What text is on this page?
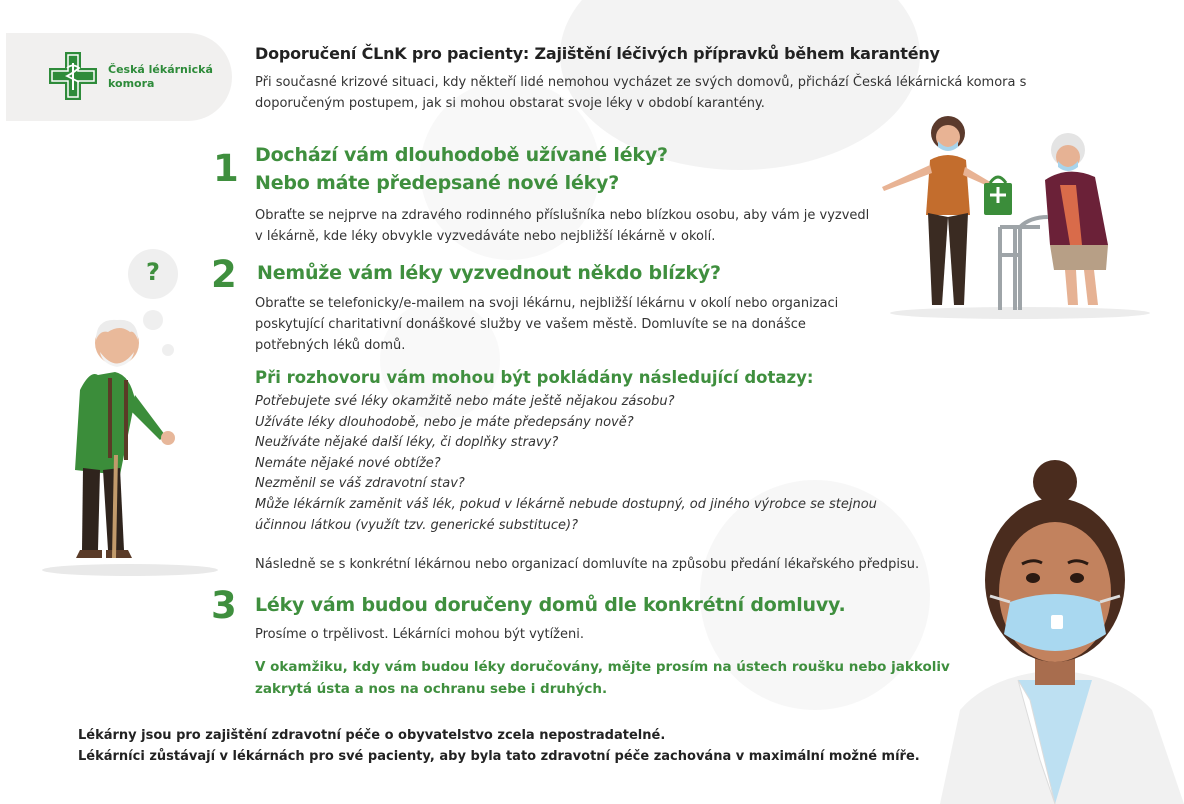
Česká lékárnická
komora
Doporučení ČLnK pro pacienty: Zajištění léčivých přípravků během karantény
Při současné krizové situaci, kdy někteří lidé nemohou vycházet ze svých domovů, přichází Česká lékárnická komora s doporučeným postupem, jak si mohou obstarat svoje léky v období karantény.
1 Dochází vám dlouhodobě užívané léky?
Nebo máte předepsané nové léky?
Obraťte se nejprve na zdravého rodinného příslušníka nebo blízkou osobu, aby vám je vyzvedl v lékárně, kde léky obvykle vyzvedáváte nebo nejbližší lékárně v okolí.
2 Nemůže vám léky vyzvednout někdo blízký?
Obraťte se telefonicky/e-mailem na svoji lékárnu, nejbližší lékárnu v okolí nebo organizaci poskytující charitativní donáškové služby ve vašem městě. Domluvíte se na donášce potřebných léků domů.
Při rozhovoru vám mohou být pokládány následující dotazy:
Potřebujete své léky okamžitě nebo máte ještě nějakou zásobu?
Užíváte léky dlouhodobě, nebo je máte předepsány nově?
Neužíváte nějaké další léky, či doplňky stravy?
Nemáte nějaké nové obtíže?
Nezměnil se váš zdravotní stav?
Může lékárník zaměnit váš lék, pokud v lékárně nebude dostupný, od jiného výrobce se stejnou
účinnou látkou (využít tzv. generické substituce)?
Následně se s konkrétní lékárnou nebo organizací domluvíte na způsobu předání lékařského předpisu.
3 Léky vám budou doručeny domů dle konkrétní domluvy.
Prosíme o trpělivost. Lékárníci mohou být vytíženi.
V okamžiku, kdy vám budou léky doručovány, mějte prosím na ústech roušku nebo jakkoliv zakrytá ústa a nos na ochranu sebe i druhých.
Lékárny jsou pro zajištění zdravotní péče o obyvatelstvo zcela nepostradatelné.
Lékárníci zůstávají v lékárnách pro své pacienty, aby byla tato zdravotní péče zachována v maximální možné míře.
?
